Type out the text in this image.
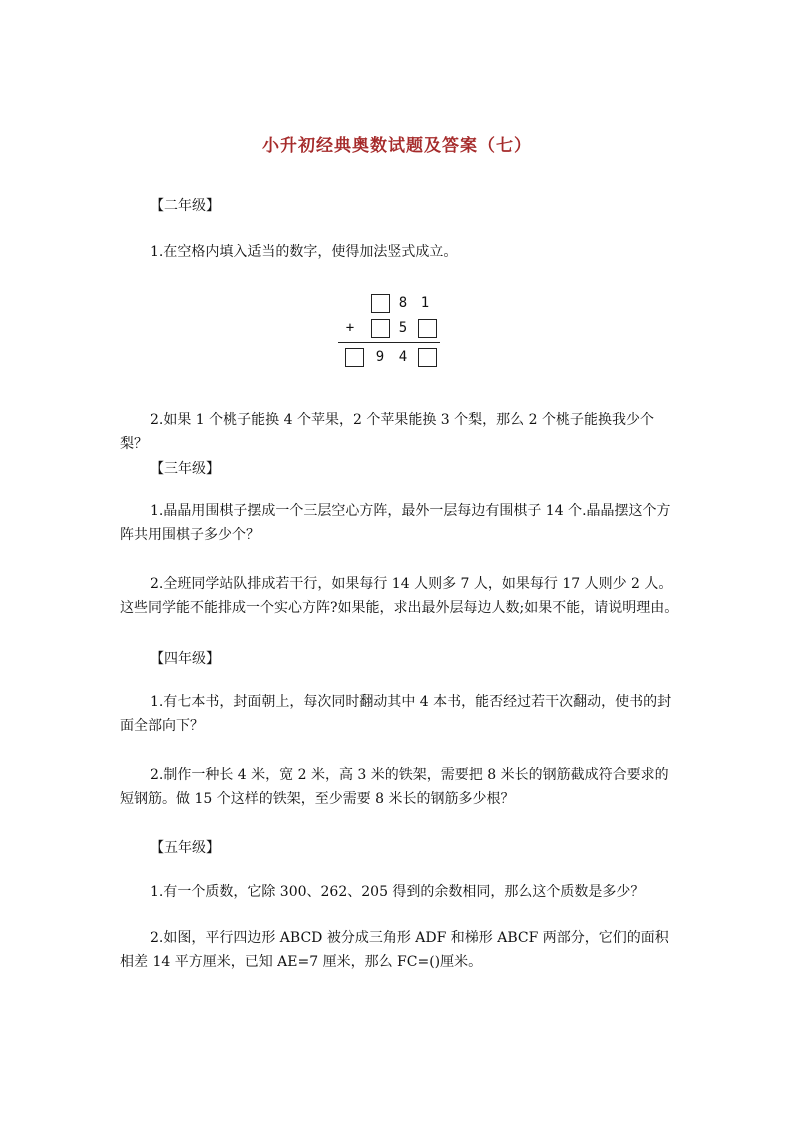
小升初经典奥数试题及答案（七）
【二年级】

1.在空格内填入适当的数字，使得加法竖式成立。

8 1
+	5
9 4

2.如果 1 个桃子能换 4 个苹果，2 个苹果能换 3 个梨，那么 2 个桃子能换我少个梨？

【三年级】

1.晶晶用围棋子摆成一个三层空心方阵，最外一层每边有围棋子 14 个.晶晶摆这个方阵共用围棋子多少个？

2.全班同学站队排成若干行，如果每行 14 人则多 7 人，如果每行 17 人则少 2 人。这些同学能不能排成一个实心方阵?如果能，求出最外层每边人数;如果不能，请说明理由。

【四年级】

1.有七本书，封面朝上，每次同时翻动其中 4 本书，能否经过若干次翻动，使书的封面全部向下？

2.制作一种长 4 米，宽 2 米，高 3 米的铁架，需要把 8 米长的钢筋截成符合要求的短钢筋。做 15 个这样的铁架，至少需要 8 米长的钢筋多少根？

【五年级】

1.有一个质数，它除 300、262、205 得到的余数相同，那么这个质数是多少？

2.如图，平行四边形 ABCD 被分成三角形 ADF 和梯形 ABCF 两部分，它们的面积相差 14 平方厘米，已知 AE=7 厘米，那么 FC=()厘米。
